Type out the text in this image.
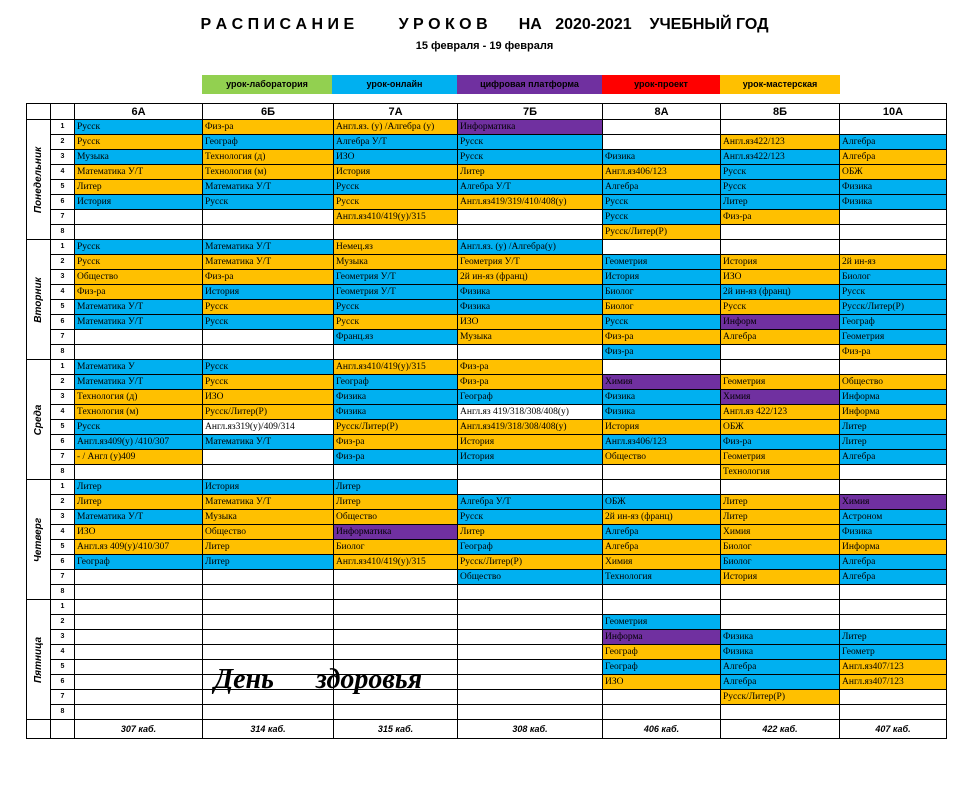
Р А С П И С А Н И Е          У Р О К О В       НА   2020-2021    УЧЕБНЫЙ ГОД
15 февраля - 19 февраля
урок-лаборатория	урок-онлайн	цифровая платформа	урок-проект	урок-мастерская
		6А	6Б	7А	7Б	8А	8Б	10А

Понедельник	1	Русск	Физ-ра	Англ.яз. (у) /Алгебра (у)	Информатика			
	2	Русск	Географ	Алгебра У/Т	Русск		Англ.яз422/123	Алгебра
	3	Музыка	Технология (д)	ИЗО	Русск	Физика	Англ.яз422/123	Алгебра
	4	Математика У/Т	Технология (м)	История	Литер	Англ.яз406/123	Русск	ОБЖ
	5	Литер	Математика У/Т	Русск	Алгебра У/Т	Алгебра	Русск	Физика
	6	История	Русск	Русск	Англ.яз419/319/410/408(у)	Русск	Литер	Физика
	7			Англ.яз410/419(у)/315		Русск	Физ-ра	
	8					Русск/Литер(Р)		

Вторник	1	Русск	Математика У/Т	Немец.яз	Англ.яз. (у) /Алгебра(у)			
	2	Русск	Математика У/Т	Музыка	Геометрия У/Т	Геометрия	История	2й ин-яз
	3	Общество	Физ-ра	Геометрия У/Т	2й ин-яз (франц)	История	ИЗО	Биолог
	4	Физ-ра	История	Геометрия У/Т	Физика	Биолог	2й ин-яз (франц)	Русск
	5	Математика У/Т	Русск	Русск	Физика	Биолог	Русск	Русск/Литер(Р)
	6	Математика У/Т	Русск	Русск	ИЗО	Русск	Информ	Географ
	7			Франц.яз	Музыка	Физ-ра	Алгебра	Геометрия
	8					Физ-ра		Физ-ра

Среда	1	Математика У	Русск	Англ.яз410/419(у)/315	Физ-ра			
	2	Математика У/Т	Русск	Географ	Физ-ра	Химия	Геометрия	Общество
	3	Технология (д)	ИЗО	Физика	Географ	Физика	Химия	Информа
	4	Технология (м)	Русск/Литер(Р)	Физика	Англ.яз 419/318/308/408(у)	Физика	Англ.яз 422/123	Информа
	5	Русск	Англ.яз319(у)/409/314	Русск/Литер(Р)	Англ.яз419/318/308/408(у)	История	ОБЖ	Литер
	6	Англ.яз409(у) /410/307	Математика У/Т	Физ-ра	История	Англ.яз406/123	Физ-ра	Литер
	7	- / Англ (у)409		Физ-ра	История	Общество	Геометрия	Алгебра
	8						Технология	

Четверг	1	Литер	История	Литер				
	2	Литер	Математика У/Т	Литер	Алгебра У/Т	ОБЖ	Литер	Химия
	3	Математика У/Т	Музыка	Общество	Русск	2й ин-яз (франц)	Литер	Астроном
	4	ИЗО	Общество	Информатика	Литер	Алгебра	Химия	Физика
	5	Англ.яз 409(у)/410/307	Литер	Биолог	Географ	Алгебра	Биолог	Информа
	6	Географ	Литер	Англ.яз410/419(у)/315	Русск/Литер(Р)	Химия	Биолог	Алгебра
	7				Общество	Технология	История	Алгебра
	8							

Пятница	1							
	2					Геометрия		
	3					Информа	Физика	Литер
	4					Географ	Физика	Геометр
	5					Географ	Алгебра	Англ.яз407/123
	6					ИЗО	Алгебра	Англ.яз407/123
	7						Русск/Литер(Р)	
	8							
		307 каб.	314 каб.	315 каб.	308 каб.	406 каб.	422 каб.	407 каб.
День      здоровья
